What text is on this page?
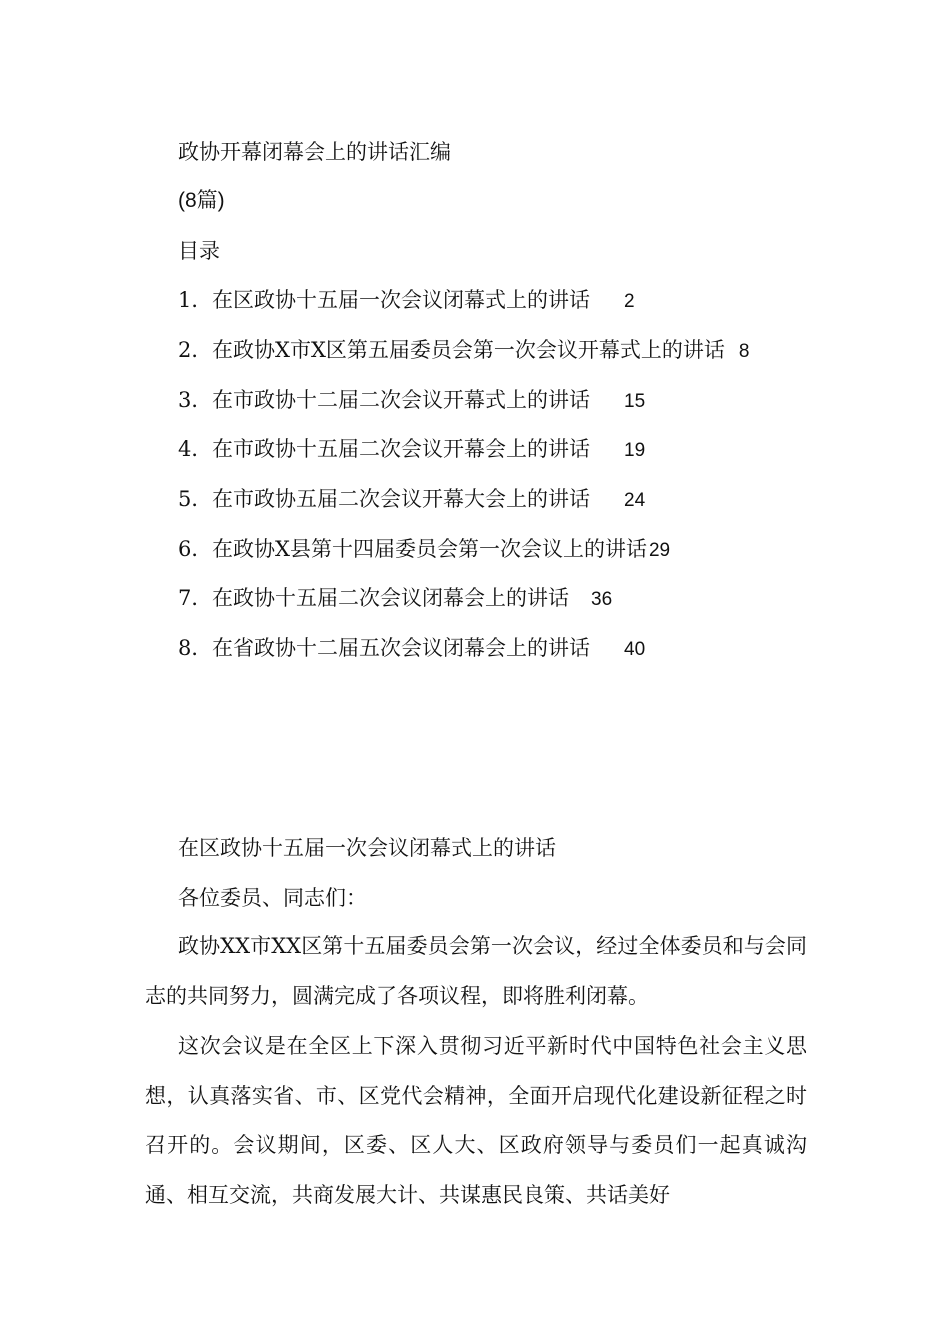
政协开幕闭幕会上的讲话汇编
(8篇)
目录
1．在区政协十五届一次会议闭幕式上的讲话 2
2．在政协X市X区第五届委员会第一次会议开幕式上的讲话 8
3．在市政协十二届二次会议开幕式上的讲话 15
4．在市政协十五届二次会议开幕会上的讲话 19
5．在市政协五届二次会议开幕大会上的讲话 24
6．在政协X县第十四届委员会第一次会议上的讲话 29
7．在政协十五届二次会议闭幕会上的讲话 36
8．在省政协十二届五次会议闭幕会上的讲话 40
在区政协十五届一次会议闭幕式上的讲话
各位委员、同志们：
政协XX市XX区第十五届委员会第一次会议，经过全体委员和与会同志的共同努力，圆满完成了各项议程，即将胜利闭幕。
这次会议是在全区上下深入贯彻习近平新时代中国特色社会主义思想，认真落实省、市、区党代会精神，全面开启现代化建设新征程之时召开的。会议期间，区委、区人大、区政府领导与委员们一起真诚沟通、相互交流，共商发展大计、共谋惠民良策、共话美好
